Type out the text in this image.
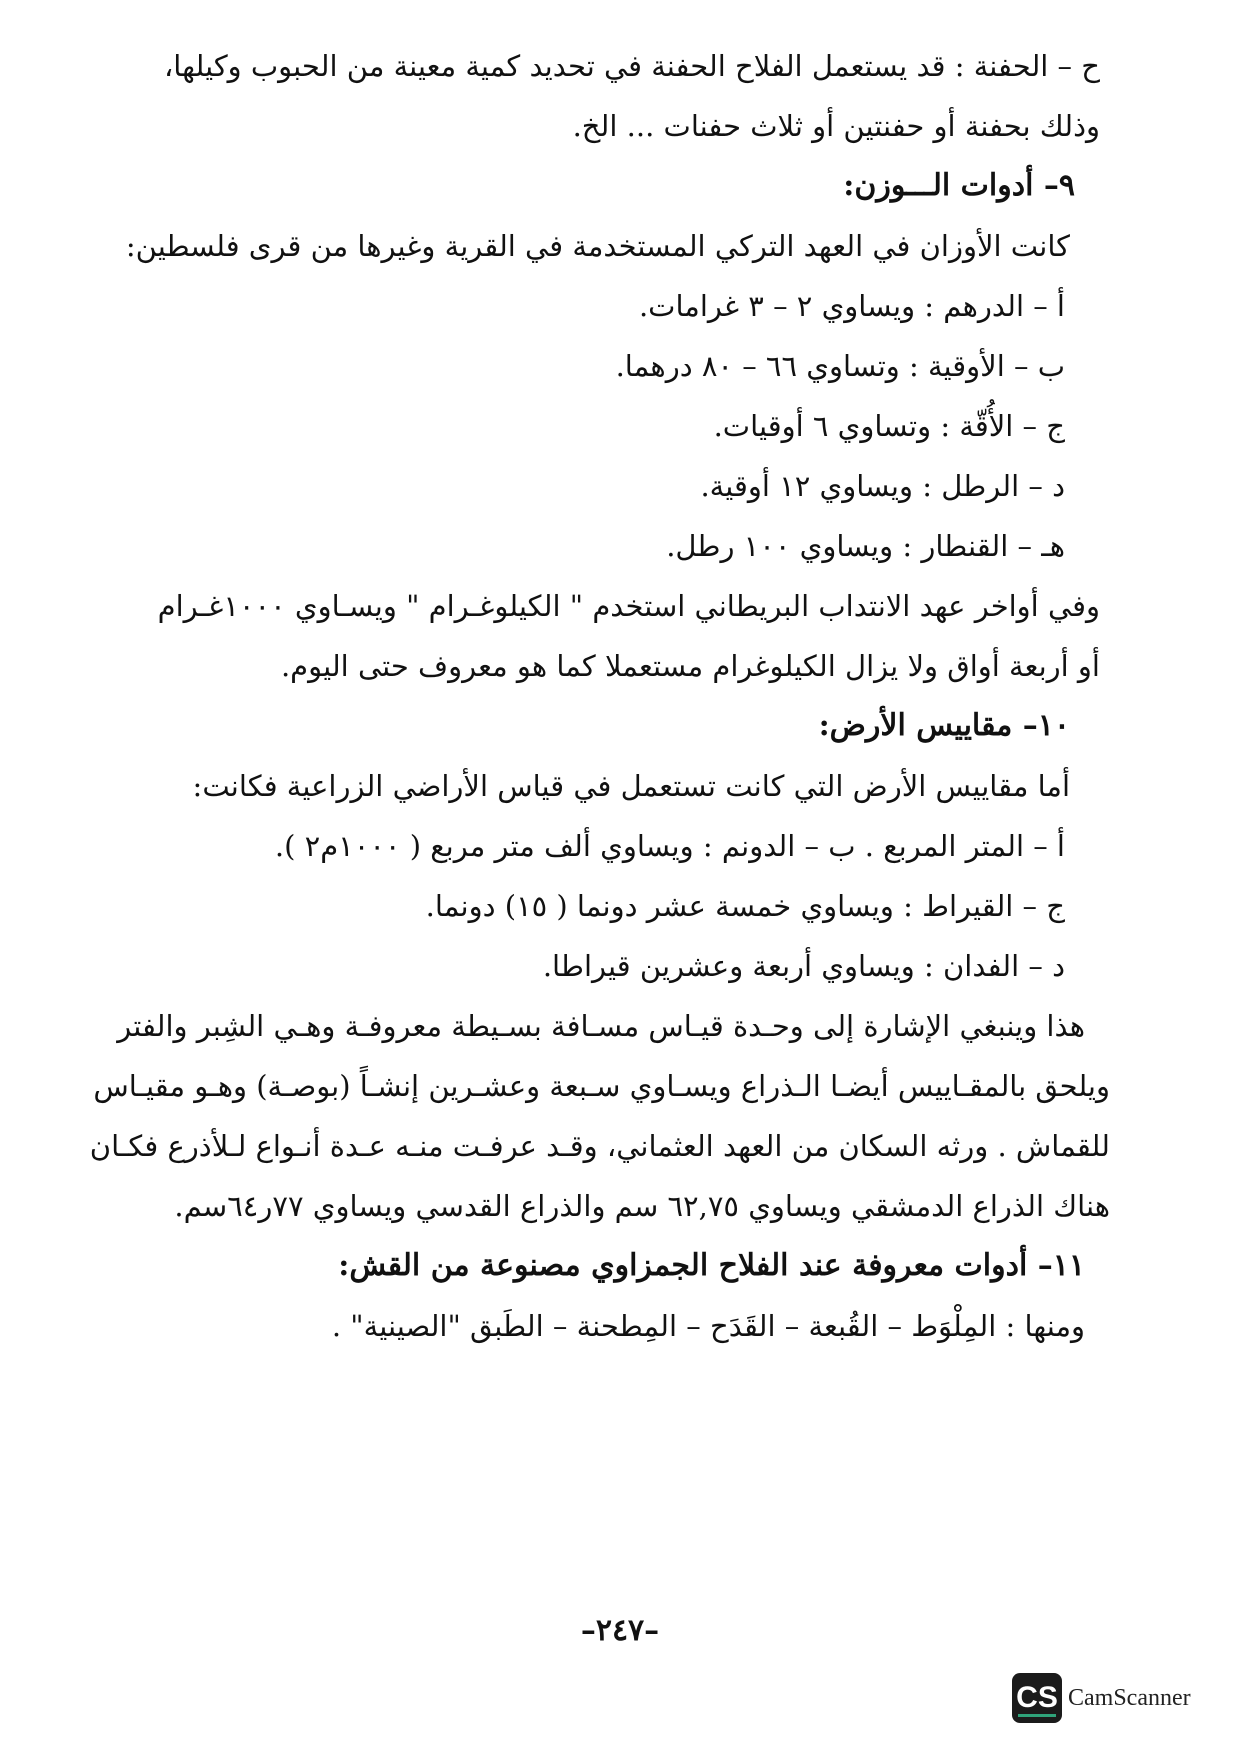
ح – الحفنة : قد يستعمل الفلاح الحفنة في تحديد كمية معينة من الحبوب وكيلها،
وذلك بحفنة أو حفنتين أو ثلاث حفنات ... الخ.
٩– أدوات الـــوزن:
كانت الأوزان في العهد التركي المستخدمة في القرية وغيرها من قرى فلسطين:
أ – الدرهم : ويساوي ٢ – ٣ غرامات.
ب – الأوقية : وتساوي ٦٦ – ٨٠ درهما.
ج – الأُقّة : وتساوي ٦ أوقيات.
د – الرطل : ويساوي ١٢ أوقية.
هـ – القنطار : ويساوي ١٠٠ رطل.
وفي أواخر عهد الانتداب البريطاني استخدم " الكيلوغـرام " ويسـاوي ١٠٠٠غـرام
أو أربعة أواق ولا يزال الكيلوغرام مستعملا كما هو معروف حتى اليوم.
١٠– مقاييس الأرض:
أما مقاييس الأرض التي كانت تستعمل في قياس الأراضي الزراعية فكانت:
أ – المتر المربع . ب – الدونم : ويساوي ألف متر مربع ( ١٠٠٠م٢ ).
ج – القيراط : ويساوي خمسة عشر دونما ( ١٥) دونما.
د – الفدان : ويساوي أربعة وعشرين قيراطا.
هذا وينبغي الإشارة إلى وحـدة قيـاس مسـافة بسـيطة معروفـة وهـي الشِبر والفتر
ويلحق بالمقـاييس أيضـا الـذراع ويسـاوي سـبعة وعشـرين إنشـاً (بوصـة) وهـو مقيـاس
للقماش . ورثه السكان من العهد العثماني، وقـد عرفـت منـه عـدة أنـواع لـلأذرع فكـان
هناك الذراع الدمشقي ويساوي ٦٢,٧٥ سم والذراع القدسي ويساوي ٧٧ر٦٤سم.
١١– أدوات معروفة عند الفلاح الجمزاوي مصنوعة من القش:
ومنها : المِلْوَط – القُبعة – القَدَح – المِطحنة – الطَبق "الصينية" .
–٢٤٧–
CS CamScanner
